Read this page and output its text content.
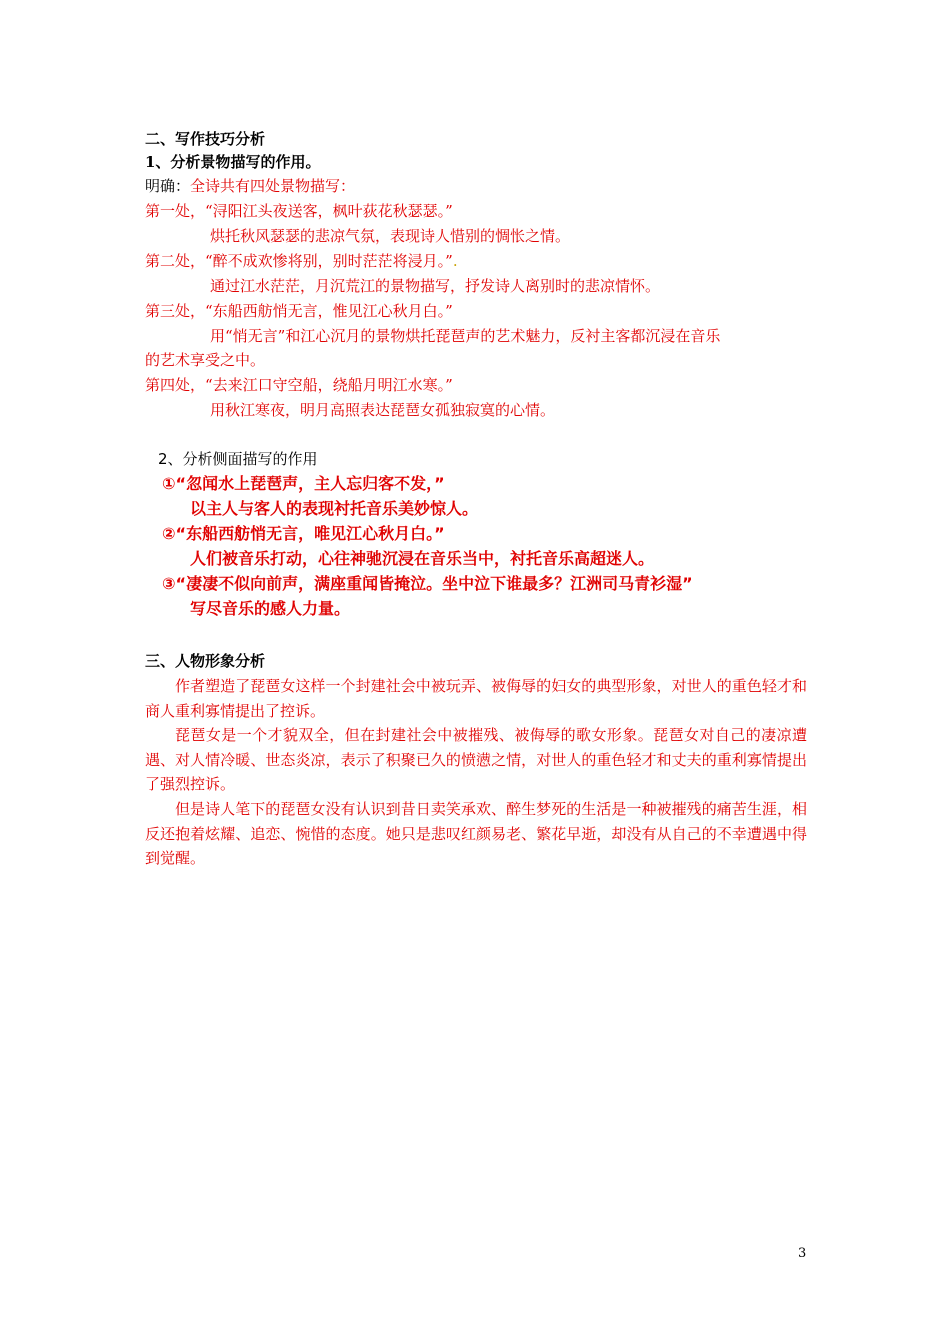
二、写作技巧分析
1、分析景物描写的作用。
明确：全诗共有四处景物描写：
第一处，“浔阳江头夜送客，枫叶荻花秋瑟瑟。”
烘托秋风瑟瑟的悲凉气氛，表现诗人惜别的惆怅之情。
第二处，“醉不成欢惨将别，别时茫茫将浸月。”.
通过江水茫茫，月沉荒江的景物描写，抒发诗人离别时的悲凉情怀。
第三处，“东船西舫悄无言，惟见江心秋月白。”
用“悄无言”和江心沉月的景物烘托琵琶声的艺术魅力，反衬主客都沉浸在音乐
的艺术享受之中。
第四处，“去来江口守空船，绕船月明江水寒。”
用秋江寒夜，明月高照表达琵琶女孤独寂寞的心情。
2、分析侧面描写的作用
①“忽闻水上琵琶声，主人忘归客不发，”
以主人与客人的表现衬托音乐美妙惊人。
②“东船西舫悄无言，唯见江心秋月白。”
人们被音乐打动，心往神驰沉浸在音乐当中，衬托音乐高超迷人。
③“凄凄不似向前声，满座重闻皆掩泣。坐中泣下谁最多？江洲司马青衫湿”
写尽音乐的感人力量。
三、人物形象分析
作者塑造了琵琶女这样一个封建社会中被玩弄、被侮辱的妇女的典型形象，对世人的重色轻才和商人重利寡情提出了控诉。
琵琶女是一个才貌双全，但在封建社会中被摧残、被侮辱的歌女形象。琵琶女对自己的凄凉遭遇、对人情冷暖、世态炎凉，表示了积聚已久的愤懑之情，对世人的重色轻才和丈夫的重利寡情提出了强烈控诉。
但是诗人笔下的琵琶女没有认识到昔日卖笑承欢、醉生梦死的生活是一种被摧残的痛苦生涯，相反还抱着炫耀、追恋、惋惜的态度。她只是悲叹红颜易老、繁花早逝，却没有从自己的不幸遭遇中得到觉醒。
3
